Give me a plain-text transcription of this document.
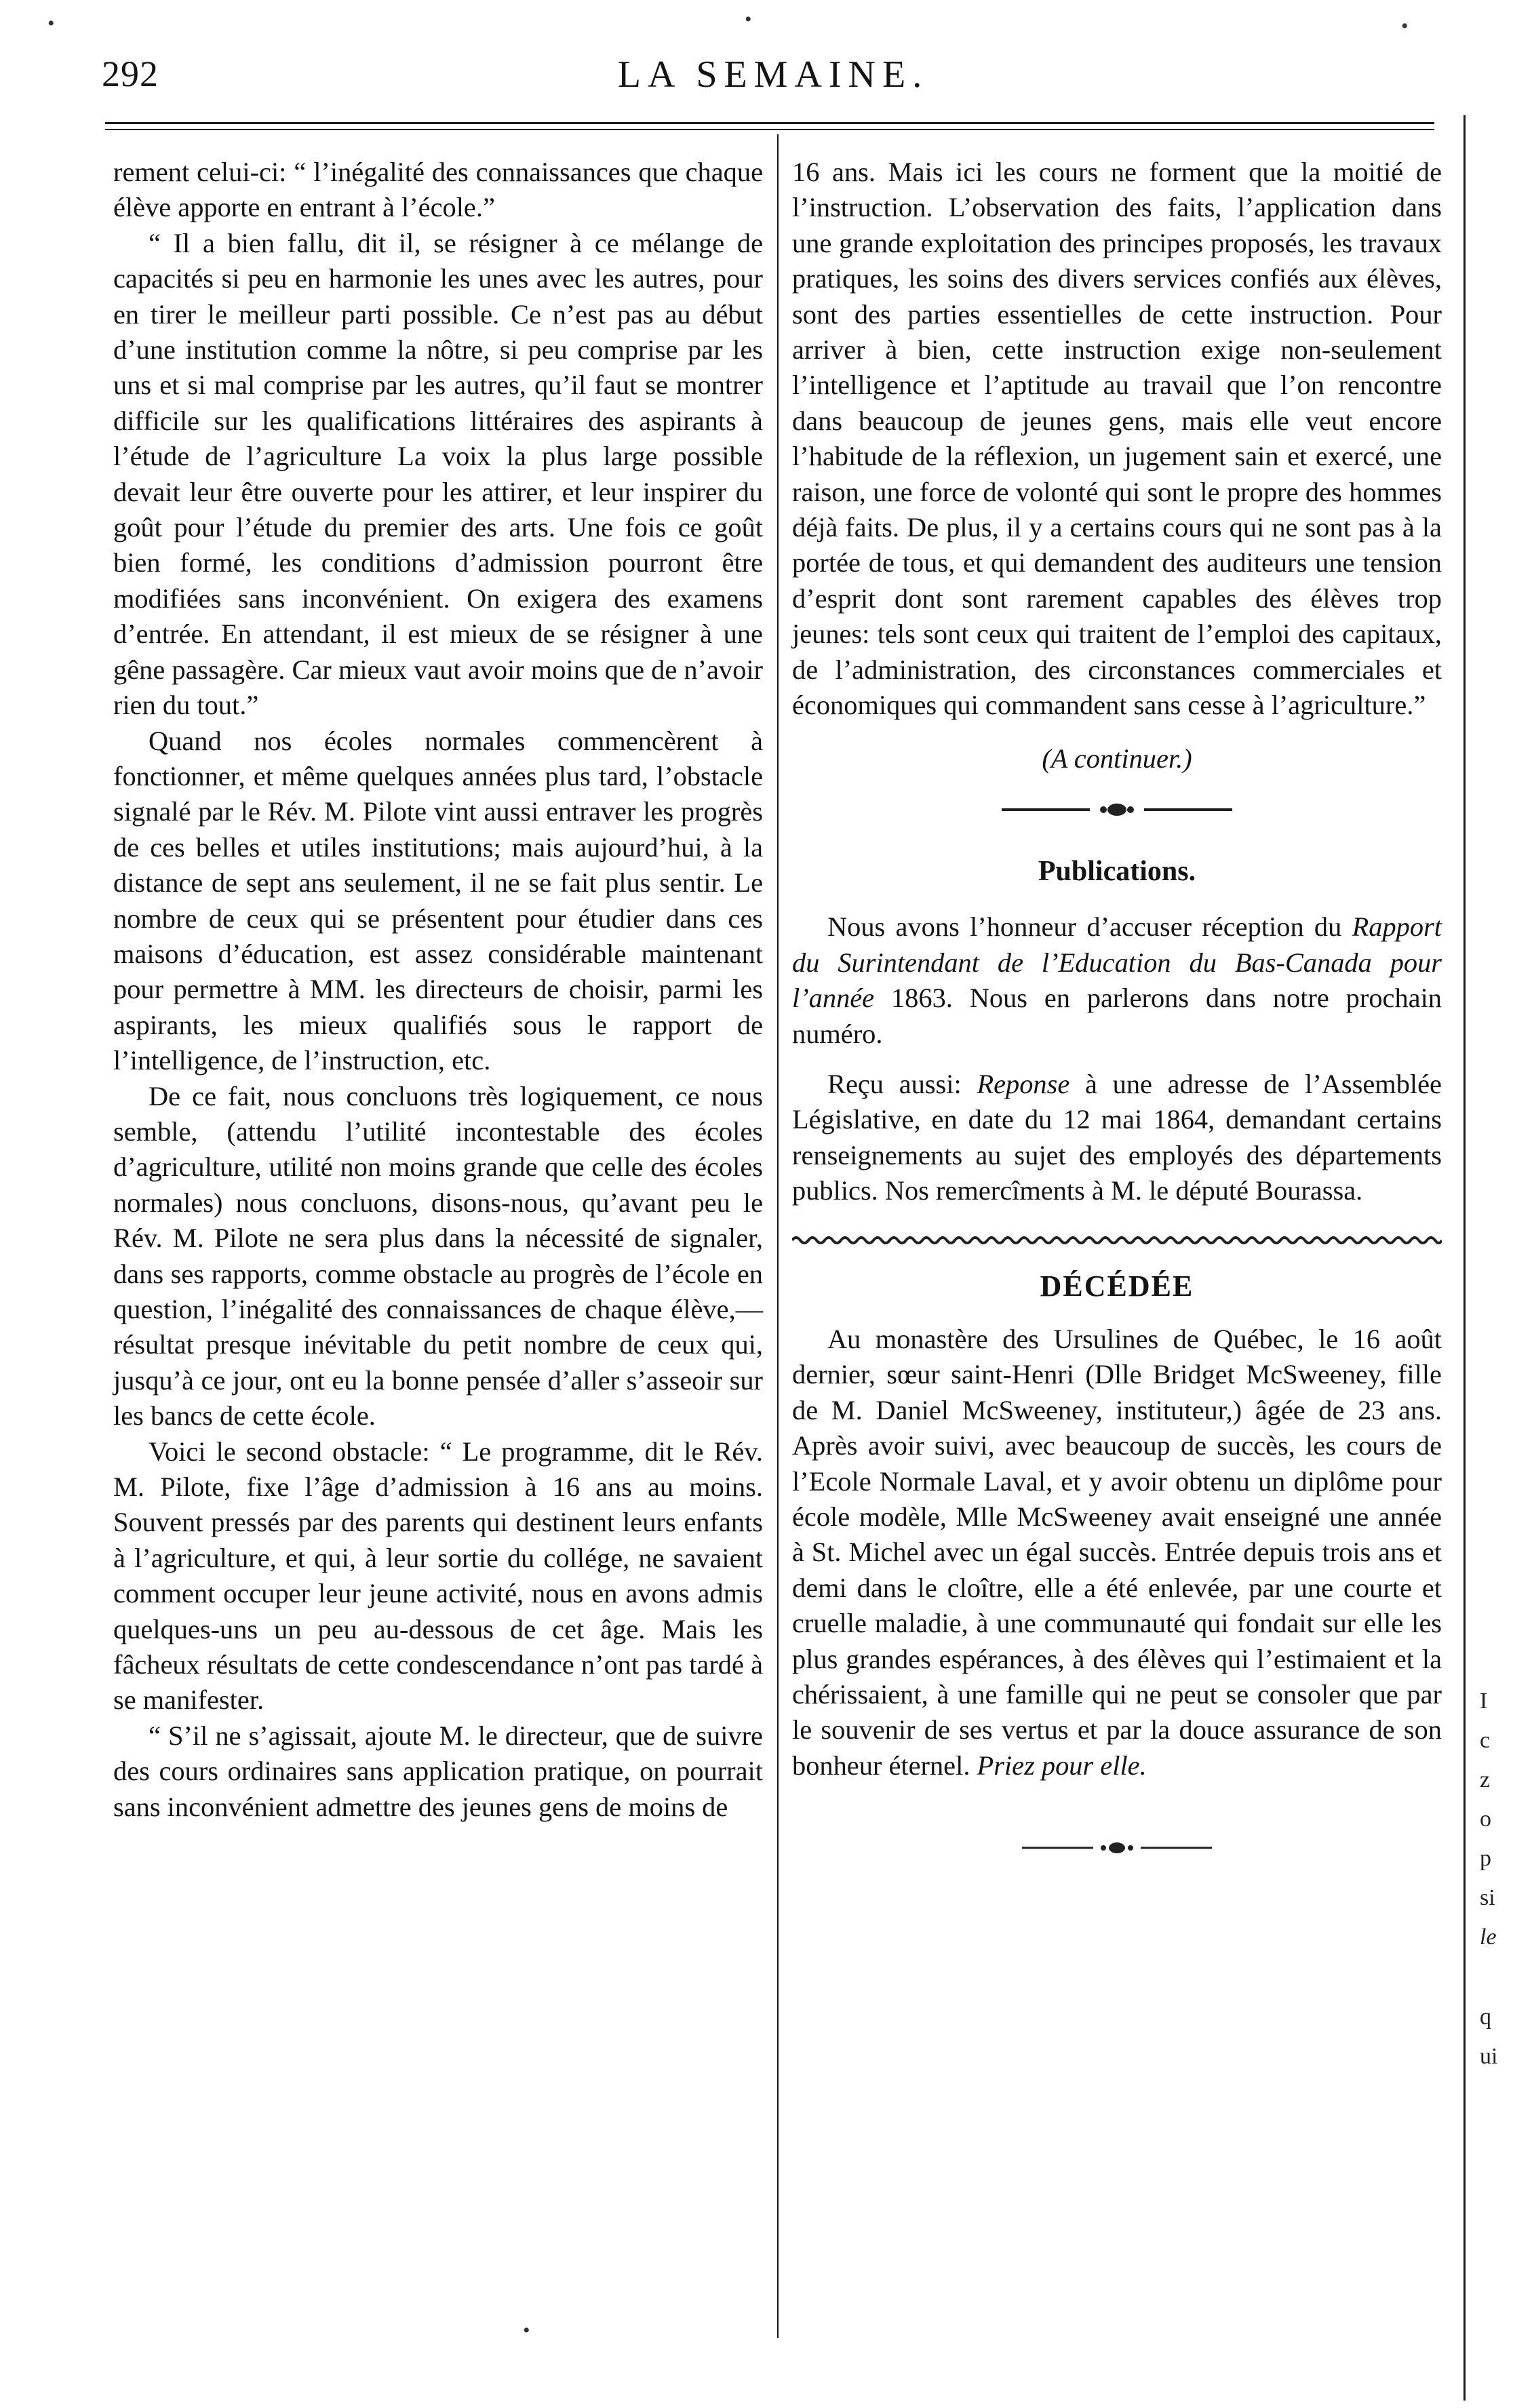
292	LA SEMAINE.
•	•	•
•

rement celui-ci: “ l’inégalité des connaissances que chaque élève apporte en entrant à l’école.”

“ Il a bien fallu, dit il, se résigner à ce mélange de capacités si peu en harmonie les unes avec les autres, pour en tirer le meilleur parti possible. Ce n’est pas au début d’une institution comme la nôtre, si peu comprise par les uns et si mal comprise par les autres, qu’il faut se montrer difficile sur les qualifications littéraires des aspirants à l’étude de l’agriculture La voix la plus large possible devait leur être ouverte pour les attirer, et leur inspirer du goût pour l’étude du premier des arts. Une fois ce goût bien formé, les conditions d’admission pourront être modifiées sans inconvénient. On exigera des examens d’entrée. En attendant, il est mieux de se résigner à une gêne passagère. Car mieux vaut avoir moins que de n’avoir rien du tout.”

Quand nos écoles normales commencèrent à fonctionner, et même quelques années plus tard, l’obstacle signalé par le Rév. M. Pilote vint aussi entraver les progrès de ces belles et utiles institutions; mais aujourd’hui, à la distance de sept ans seulement, il ne se fait plus sentir. Le nombre de ceux qui se présentent pour étudier dans ces maisons d’éducation, est assez considérable maintenant pour permettre à MM. les directeurs de choisir, parmi les aspirants, les mieux qualifiés sous le rapport de l’intelligence, de l’instruction, etc.

De ce fait, nous concluons très logiquement, ce nous semble, (attendu l’utilité incontestable des écoles d’agriculture, utilité non moins grande que celle des écoles normales) nous concluons, disons-nous, qu’avant peu le Rév. M. Pilote ne sera plus dans la nécessité de signaler, dans ses rapports, comme obstacle au progrès de l’école en question, l’inégalité des connaissances de chaque élève,—résultat presque inévitable du petit nombre de ceux qui, jusqu’à ce jour, ont eu la bonne pensée d’aller s’asseoir sur les bancs de cette école.

Voici le second obstacle: “ Le programme, dit le Rév. M. Pilote, fixe l’âge d’admission à 16 ans au moins. Souvent pressés par des parents qui destinent leurs enfants à l’agriculture, et qui, à leur sortie du collége, ne savaient comment occuper leur jeune activité, nous en avons admis quelques-uns un peu au-dessous de cet âge. Mais les fâcheux résultats de cette condescendance n’ont pas tardé à se manifester.

“ S’il ne s’agissait, ajoute M. le directeur, que de suivre des cours ordinaires sans application pratique, on pourrait sans inconvénient admettre des jeunes gens de moins de

16 ans. Mais ici les cours ne forment que la moitié de l’instruction. L’observation des faits, l’application dans une grande exploitation des principes proposés, les travaux pratiques, les soins des divers services confiés aux élèves, sont des parties essentielles de cette instruction. Pour arriver à bien, cette instruction exige non-seulement l’intelligence et l’aptitude au travail que l’on rencontre dans beaucoup de jeunes gens, mais elle veut encore l’habitude de la réflexion, un jugement sain et exercé, une raison, une force de volonté qui sont le propre des hommes déjà faits. De plus, il y a certains cours qui ne sont pas à la portée de tous, et qui demandent des auditeurs une tension d’esprit dont sont rarement capables des élèves trop jeunes: tels sont ceux qui traitent de l’emploi des capitaux, de l’administration, des circonstances commerciales et économiques qui commandent sans cesse à l’agriculture.”

(A continuer.)

Publications.

Nous avons l’honneur d’accuser réception du Rapport du Surintendant de l’Education du Bas-Canada pour l’année 1863. Nous en parlerons dans notre prochain numéro.

Reçu aussi: Reponse à une adresse de l’Assemblée Législative, en date du 12 mai 1864, demandant certains renseignements au sujet des employés des départements publics. Nos remercîments à M. le député Bourassa.

DÉCÉDÉE

Au monastère des Ursulines de Québec, le 16 août dernier, sœur saint-Henri (Dlle Bridget McSweeney, fille de M. Daniel McSweeney, instituteur,) âgée de 23 ans. Après avoir suivi, avec beaucoup de succès, les cours de l’Ecole Normale Laval, et y avoir obtenu un diplôme pour école modèle, Mlle McSweeney avait enseigné une année à St. Michel avec un égal succès. Entrée depuis trois ans et demi dans le cloître, elle a été enlevée, par une courte et cruelle maladie, à une communauté qui fondait sur elle les plus grandes espérances, à des élèves qui l’estimaient et la chérissaient, à une famille qui ne peut se consoler que par le souvenir de ses vertus et par la douce assurance de son bonheur éternel. Priez pour elle.

I
c
z
o
p
si
le
q
ui
